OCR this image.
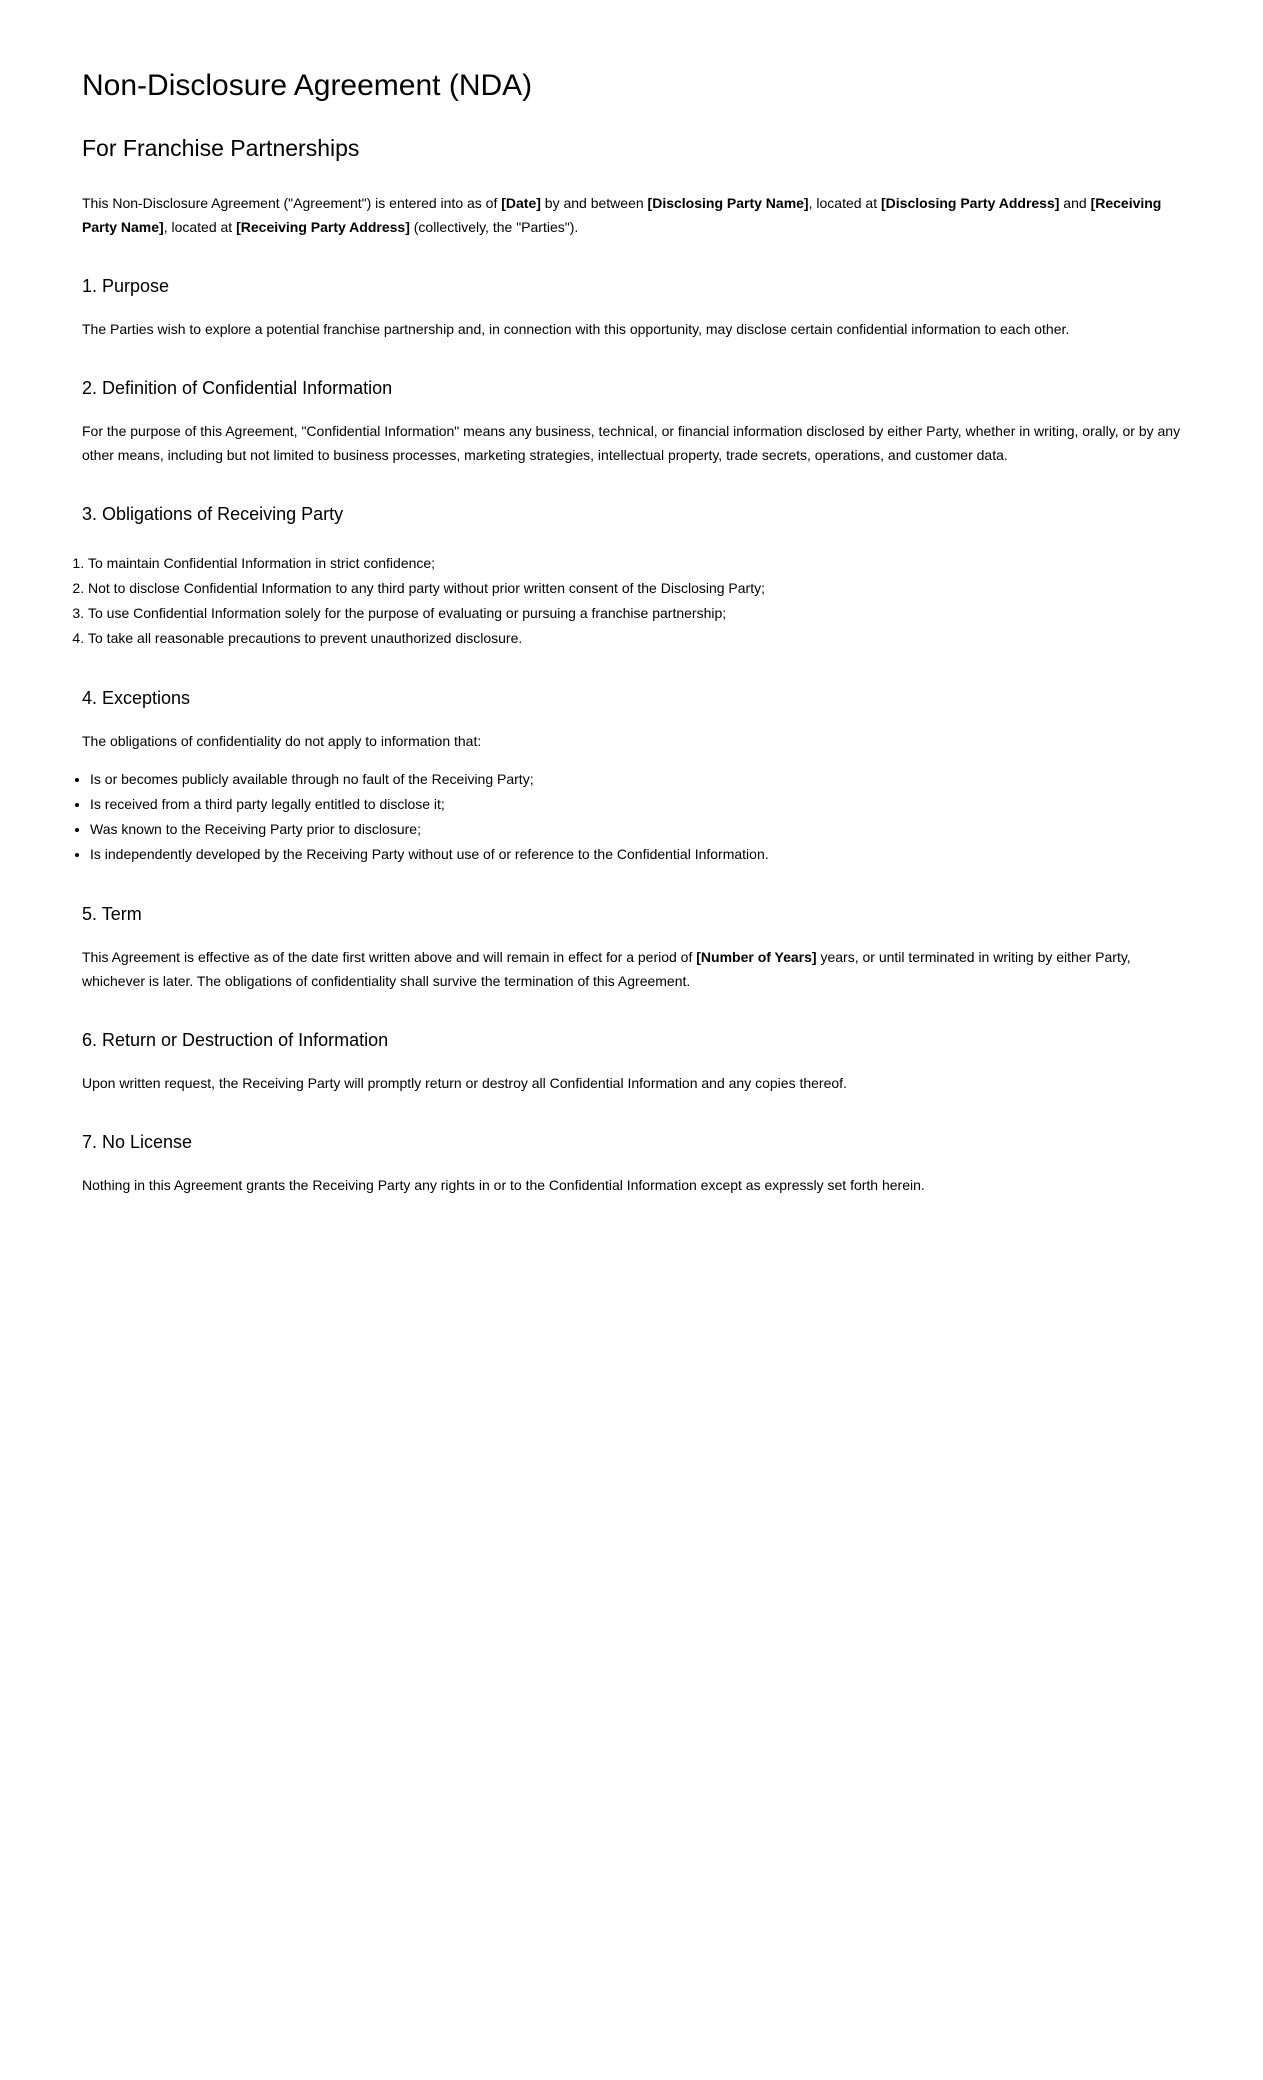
Non-Disclosure Agreement (NDA)
For Franchise Partnerships

This Non-Disclosure Agreement ("Agreement") is entered into as of [Date] by and between [Disclosing Party Name], located at [Disclosing Party Address] and [Receiving Party Name], located at [Receiving Party Address] (collectively, the "Parties").

1. Purpose

The Parties wish to explore a potential franchise partnership and, in connection with this opportunity, may disclose certain confidential information to each other.

2. Definition of Confidential Information

For the purpose of this Agreement, "Confidential Information" means any business, technical, or financial information disclosed by either Party, whether in writing, orally, or by any other means, including but not limited to business processes, marketing strategies, intellectual property, trade secrets, operations, and customer data.

3. Obligations of Receiving Party
1. To maintain Confidential Information in strict confidence;
2. Not to disclose Confidential Information to any third party without prior written consent of the Disclosing Party;
3. To use Confidential Information solely for the purpose of evaluating or pursuing a franchise partnership;
4. To take all reasonable precautions to prevent unauthorized disclosure.
4. Exceptions

The obligations of confidentiality do not apply to information that:

• Is or becomes publicly available through no fault of the Receiving Party;
• Is received from a third party legally entitled to disclose it;
• Was known to the Receiving Party prior to disclosure;
• Is independently developed by the Receiving Party without use of or reference to the Confidential Information.
5. Term

This Agreement is effective as of the date first written above and will remain in effect for a period of [Number of Years] years, or until terminated in writing by either Party, whichever is later. The obligations of confidentiality shall survive the termination of this Agreement.

6. Return or Destruction of Information

Upon written request, the Receiving Party will promptly return or destroy all Confidential Information and any copies thereof.

7. No License

Nothing in this Agreement grants the Receiving Party any rights in or to the Confidential Information except as expressly set forth herein.
